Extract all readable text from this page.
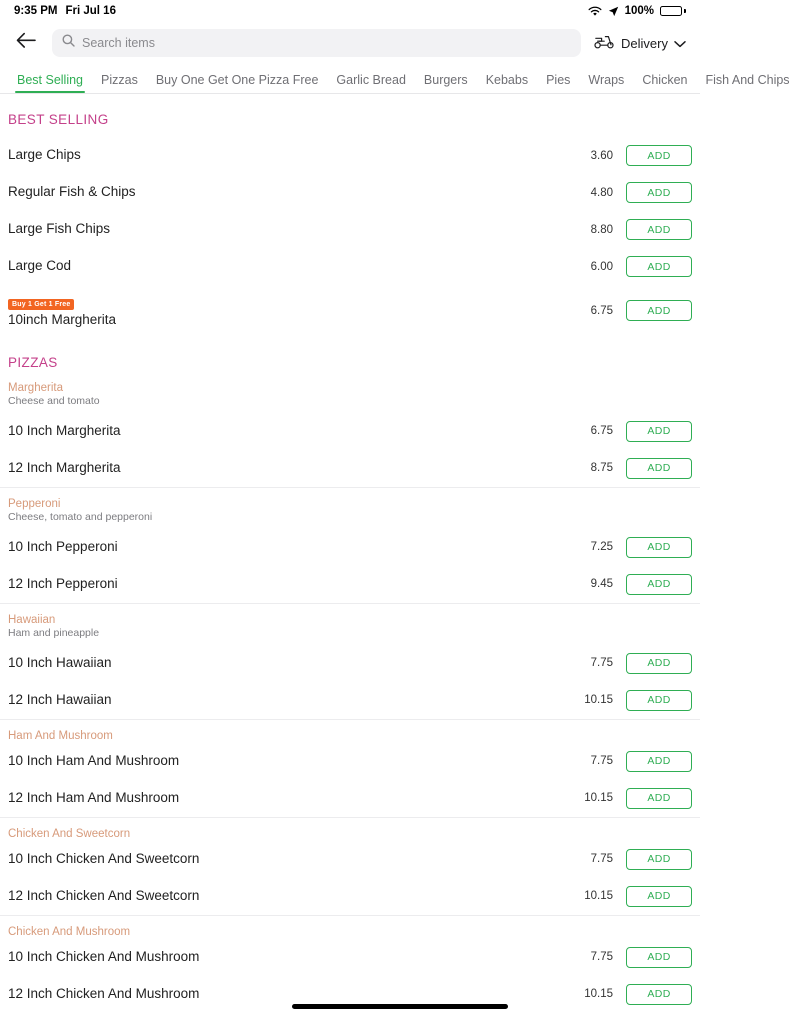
9:35 PM Fri Jul 16	100%
Search items
Delivery
Best Selling	Pizzas	Buy One Get One Pizza Free	Garlic Bread	Burgers	Kebabs	Pies	Wraps	Chicken	Fish And Chips
BEST SELLING
Large Chips	3.60	ADD
Regular Fish & Chips	4.80	ADD
Large Fish Chips	8.80	ADD
Large Cod	6.00	ADD
Buy 1 Get 1 Free
10inch Margherita
6.75	ADD
PIZZAS
Margherita
Cheese and tomato
10 Inch Margherita	6.75	ADD
12 Inch Margherita	8.75	ADD
Pepperoni
Cheese, tomato and pepperoni
10 Inch Pepperoni	7.25	ADD
12 Inch Pepperoni	9.45	ADD
Hawaiian
Ham and pineapple
10 Inch Hawaiian	7.75	ADD
12 Inch Hawaiian	10.15	ADD
Ham And Mushroom
10 Inch Ham And Mushroom	7.75	ADD
12 Inch Ham And Mushroom	10.15	ADD
Chicken And Sweetcorn
10 Inch Chicken And Sweetcorn	7.75	ADD
12 Inch Chicken And Sweetcorn	10.15	ADD
Chicken And Mushroom
10 Inch Chicken And Mushroom	7.75	ADD
12 Inch Chicken And Mushroom	10.15	ADD
